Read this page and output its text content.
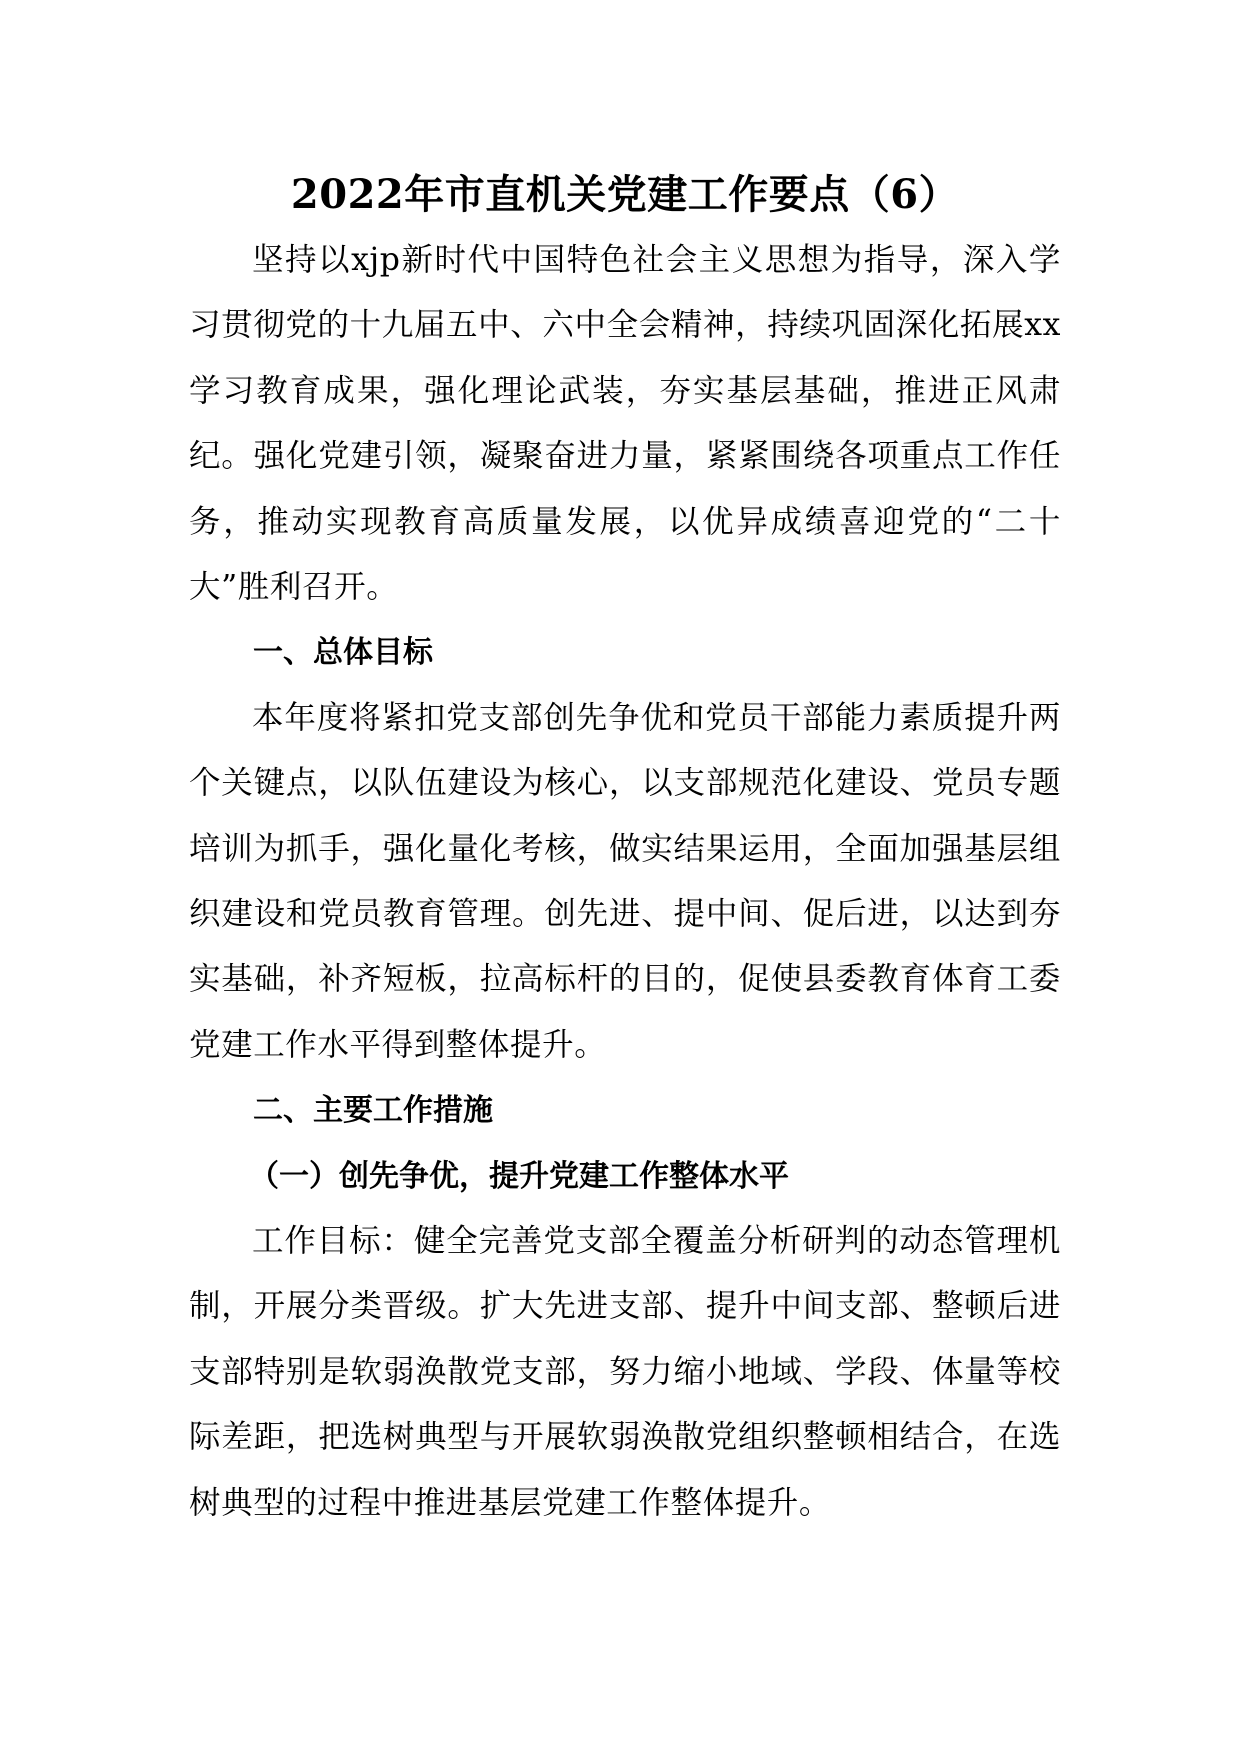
2022年市直机关党建工作要点（6）

坚持以xjp新时代中国特色社会主义思想为指导，深入学习贯彻党的十九届五中、六中全会精神，持续巩固深化拓展xx学习教育成果，强化理论武装，夯实基层基础，推进正风肃纪。强化党建引领，凝聚奋进力量，紧紧围绕各项重点工作任务，推动实现教育高质量发展，以优异成绩喜迎党的“二十大”胜利召开。

一、总体目标

本年度将紧扣党支部创先争优和党员干部能力素质提升两个关键点，以队伍建设为核心，以支部规范化建设、党员专题培训为抓手，强化量化考核，做实结果运用，全面加强基层组织建设和党员教育管理。创先进、提中间、促后进，以达到夯实基础，补齐短板，拉高标杆的目的，促使县委教育体育工委党建工作水平得到整体提升。

二、主要工作措施
（一）创先争优，提升党建工作整体水平

工作目标：健全完善党支部全覆盖分析研判的动态管理机制，开展分类晋级。扩大先进支部、提升中间支部、整顿后进支部特别是软弱涣散党支部，努力缩小地域、学段、体量等校际差距，把选树典型与开展软弱涣散党组织整顿相结合，在选树典型的过程中推进基层党建工作整体提升。
